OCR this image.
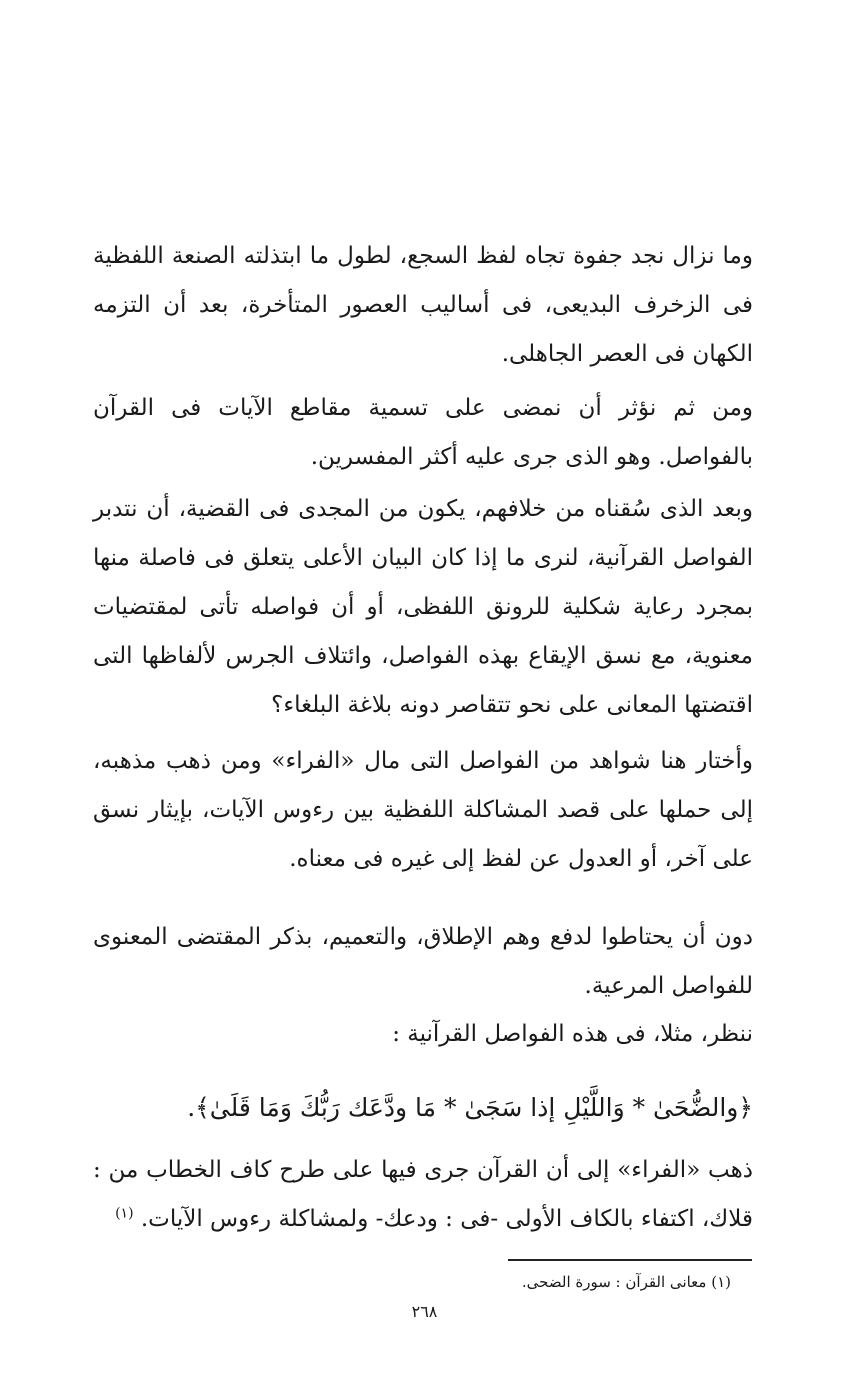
وما نزال نجد جفوة تجاه لفظ السجع، لطول ما ابتذلته الصنعة اللفظية فى الزخرف البديعى، فى أساليب العصور المتأخرة، بعد أن التزمه الكهان فى العصر الجاهلى.
ومن ثم نؤثر أن نمضى على تسمية مقاطع الآيات فى القرآن بالفواصل. وهو الذى جرى عليه أكثر المفسرين.
وبعد الذى سُقناه من خلافهم، يكون من المجدى فى القضية، أن نتدبر الفواصل القرآنية، لنرى ما إذا كان البيان الأعلى يتعلق فى فاصلة منها بمجرد رعاية شكلية للرونق اللفظى، أو أن فواصله تأتى لمقتضيات معنوية، مع نسق الإيقاع بهذه الفواصل، وائتلاف الجرس لألفاظها التى اقتضتها المعانى على نحو تتقاصر دونه بلاغة البلغاء؟
وأختار هنا شواهد من الفواصل التى مال «الفراء» ومن ذهب مذهبه، إلى حملها على قصد المشاكلة اللفظية بين رءوس الآيات، بإيثار نسق على آخر، أو العدول عن لفظ إلى غيره فى معناه.
دون أن يحتاطوا لدفع وهم الإطلاق، والتعميم، بذكر المقتضى المعنوى للفواصل المرعية.
ننظر، مثلا، فى هذه الفواصل القرآنية :
﴿والضُّحَىٰ * وَاللَّيْلِ إذا سَجَىٰ * مَا ودَّعَك رَبُّكَ وَمَا قَلَىٰ﴾.
ذهب «الفراء» إلى أن القرآن جرى فيها على طرح كاف الخطاب من : قلاك، اكتفاء بالكاف الأولى -فى : ودعك- ولمشاكلة رءوس الآيات. $^{(١)}$
(١) معانى القرآن : سورة الضحى.
٢٦٨
